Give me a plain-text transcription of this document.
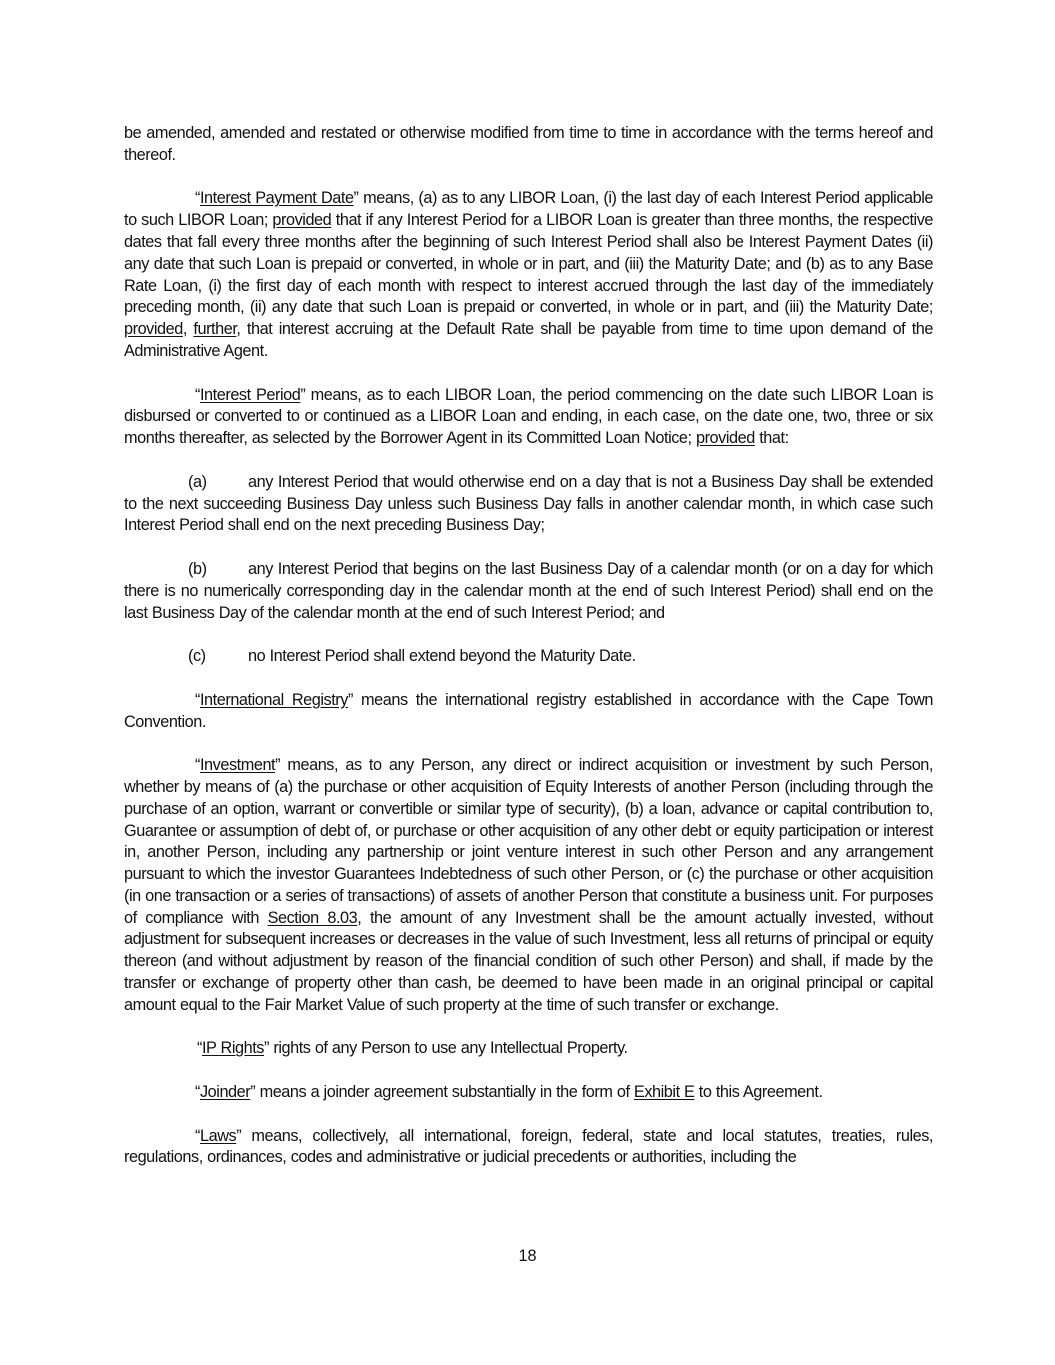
be amended, amended and restated or otherwise modified from time to time in accordance with the terms hereof and thereof.

“Interest Payment Date” means, (a) as to any LIBOR Loan, (i) the last day of each Interest Period applicable to such LIBOR Loan; provided that if any Interest Period for a LIBOR Loan is greater than three months, the respective dates that fall every three months after the beginning of such Interest Period shall also be Interest Payment Dates (ii) any date that such Loan is prepaid or converted, in whole or in part, and (iii) the Maturity Date; and (b) as to any Base Rate Loan, (i) the first day of each month with respect to interest accrued through the last day of the immediately preceding month, (ii) any date that such Loan is prepaid or converted, in whole or in part, and (iii) the Maturity Date; provided, further, that interest accruing at the Default Rate shall be payable from time to time upon demand of the Administrative Agent.

“Interest Period” means, as to each LIBOR Loan, the period commencing on the date such LIBOR Loan is disbursed or converted to or continued as a LIBOR Loan and ending, in each case, on the date one, two, three or six months thereafter, as selected by the Borrower Agent in its Committed Loan Notice; provided that:

(a)	any Interest Period that would otherwise end on a day that is not a Business Day shall be extended to the next succeeding Business Day unless such Business Day falls in another calendar month, in which case such Interest Period shall end on the next preceding Business Day;

(b)	any Interest Period that begins on the last Business Day of a calendar month (or on a day for which there is no numerically corresponding day in the calendar month at the end of such Interest Period) shall end on the last Business Day of the calendar month at the end of such Interest Period; and

(c)	no Interest Period shall extend beyond the Maturity Date.

“International Registry” means the international registry established in accordance with the Cape Town Convention.

“Investment” means, as to any Person, any direct or indirect acquisition or investment by such Person, whether by means of (a) the purchase or other acquisition of Equity Interests of another Person (including through the purchase of an option, warrant or convertible or similar type of security), (b) a loan, advance or capital contribution to, Guarantee or assumption of debt of, or purchase or other acquisition of any other debt or equity participation or interest in, another Person, including any partnership or joint venture interest in such other Person and any arrangement pursuant to which the investor Guarantees Indebtedness of such other Person, or (c) the purchase or other acquisition (in one transaction or a series of transactions) of assets of another Person that constitute a business unit. For purposes of compliance with Section 8.03, the amount of any Investment shall be the amount actually invested, without adjustment for subsequent increases or decreases in the value of such Investment, less all returns of principal or equity thereon (and without adjustment by reason of the financial condition of such other Person) and shall, if made by the transfer or exchange of property other than cash, be deemed to have been made in an original principal or capital amount equal to the Fair Market Value of such property at the time of such transfer or exchange.

“IP Rights” rights of any Person to use any Intellectual Property.

“Joinder” means a joinder agreement substantially in the form of Exhibit E to this Agreement.

“Laws” means, collectively, all international, foreign, federal, state and local statutes, treaties, rules, regulations, ordinances, codes and administrative or judicial precedents or authorities, including the

18
